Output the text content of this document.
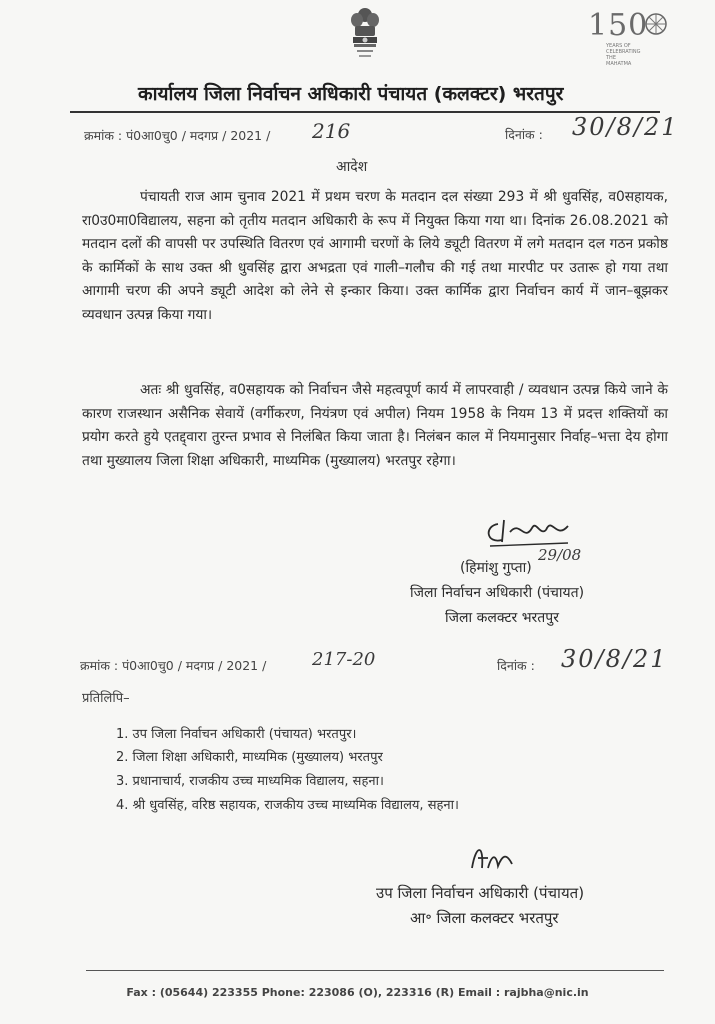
150
YEARS OF CELEBRATING THE MAHATMA
कार्यालय जिला निर्वाचन अधिकारी पंचायत (कलक्टर) भरतपुर
क्रमांक : पं0आ0चु0 / मदगप्र / 2021 / 216	दिनांक : 30/8/21
आदेश
पंचायती राज आम चुनाव 2021 में प्रथम चरण के मतदान दल संख्या 293 में श्री धुवसिंह, व0सहायक, रा0उ0मा0विद्यालय, सहना को तृतीय मतदान अधिकारी के रूप में नियुक्त किया गया था। दिनांक 26.08.2021 को मतदान दलों की वापसी पर उपस्थिति वितरण एवं आगामी चरणों के लिये ड्यूटी वितरण में लगे मतदान दल गठन प्रकोष्ठ के कार्मिकों के साथ उक्त श्री धुवसिंह द्वारा अभद्रता एवं गाली–गलौच की गई तथा मारपीट पर उतारू हो गया तथा आगामी चरण की अपने ड्यूटी आदेश को लेने से इन्कार किया। उक्त कार्मिक द्वारा निर्वाचन कार्य में जान–बूझकर व्यवधान उत्पन्न किया गया।
अतः श्री धुवसिंह, व0सहायक को निर्वाचन जैसे महत्वपूर्ण कार्य में लापरवाही / व्यवधान उत्पन्न किये जाने के कारण राजस्थान असैनिक सेवायें (वर्गीकरण, नियंत्रण एवं अपील) नियम 1958 के नियम 13 में प्रदत्त शक्तियों का प्रयोग करते हुये एतद्द्वारा तुरन्त प्रभाव से निलंबित किया जाता है। निलंबन काल में नियमानुसार निर्वाह–भत्ता देय होगा तथा मुख्यालय जिला शिक्षा अधिकारी, माध्यमिक (मुख्यालय) भरतपुर रहेगा।
29/08
(हिमांशु गुप्ता)
जिला निर्वाचन अधिकारी (पंचायत)
जिला कलक्टर भरतपुर
क्रमांक : पं0आ0चु0 / मदगप्र / 2021 /	217-20	दिनांक : 30/8/21
प्रतिलिपि–
1. उप जिला निर्वाचन अधिकारी (पंचायत) भरतपुर।
2. जिला शिक्षा अधिकारी, माध्यमिक (मुख्यालय) भरतपुर
3. प्रधानाचार्य, राजकीय उच्च माध्यमिक विद्यालय, सहना।
4. श्री धुवसिंह, वरिष्ठ सहायक, राजकीय उच्च माध्यमिक विद्यालय, सहना।
उप जिला निर्वाचन अधिकारी (पंचायत)
आ॰ जिला कलक्टर भरतपुर
Fax : (05644) 223355 Phone: 223086 (O), 223316 (R) Email : rajbha@nic.in
